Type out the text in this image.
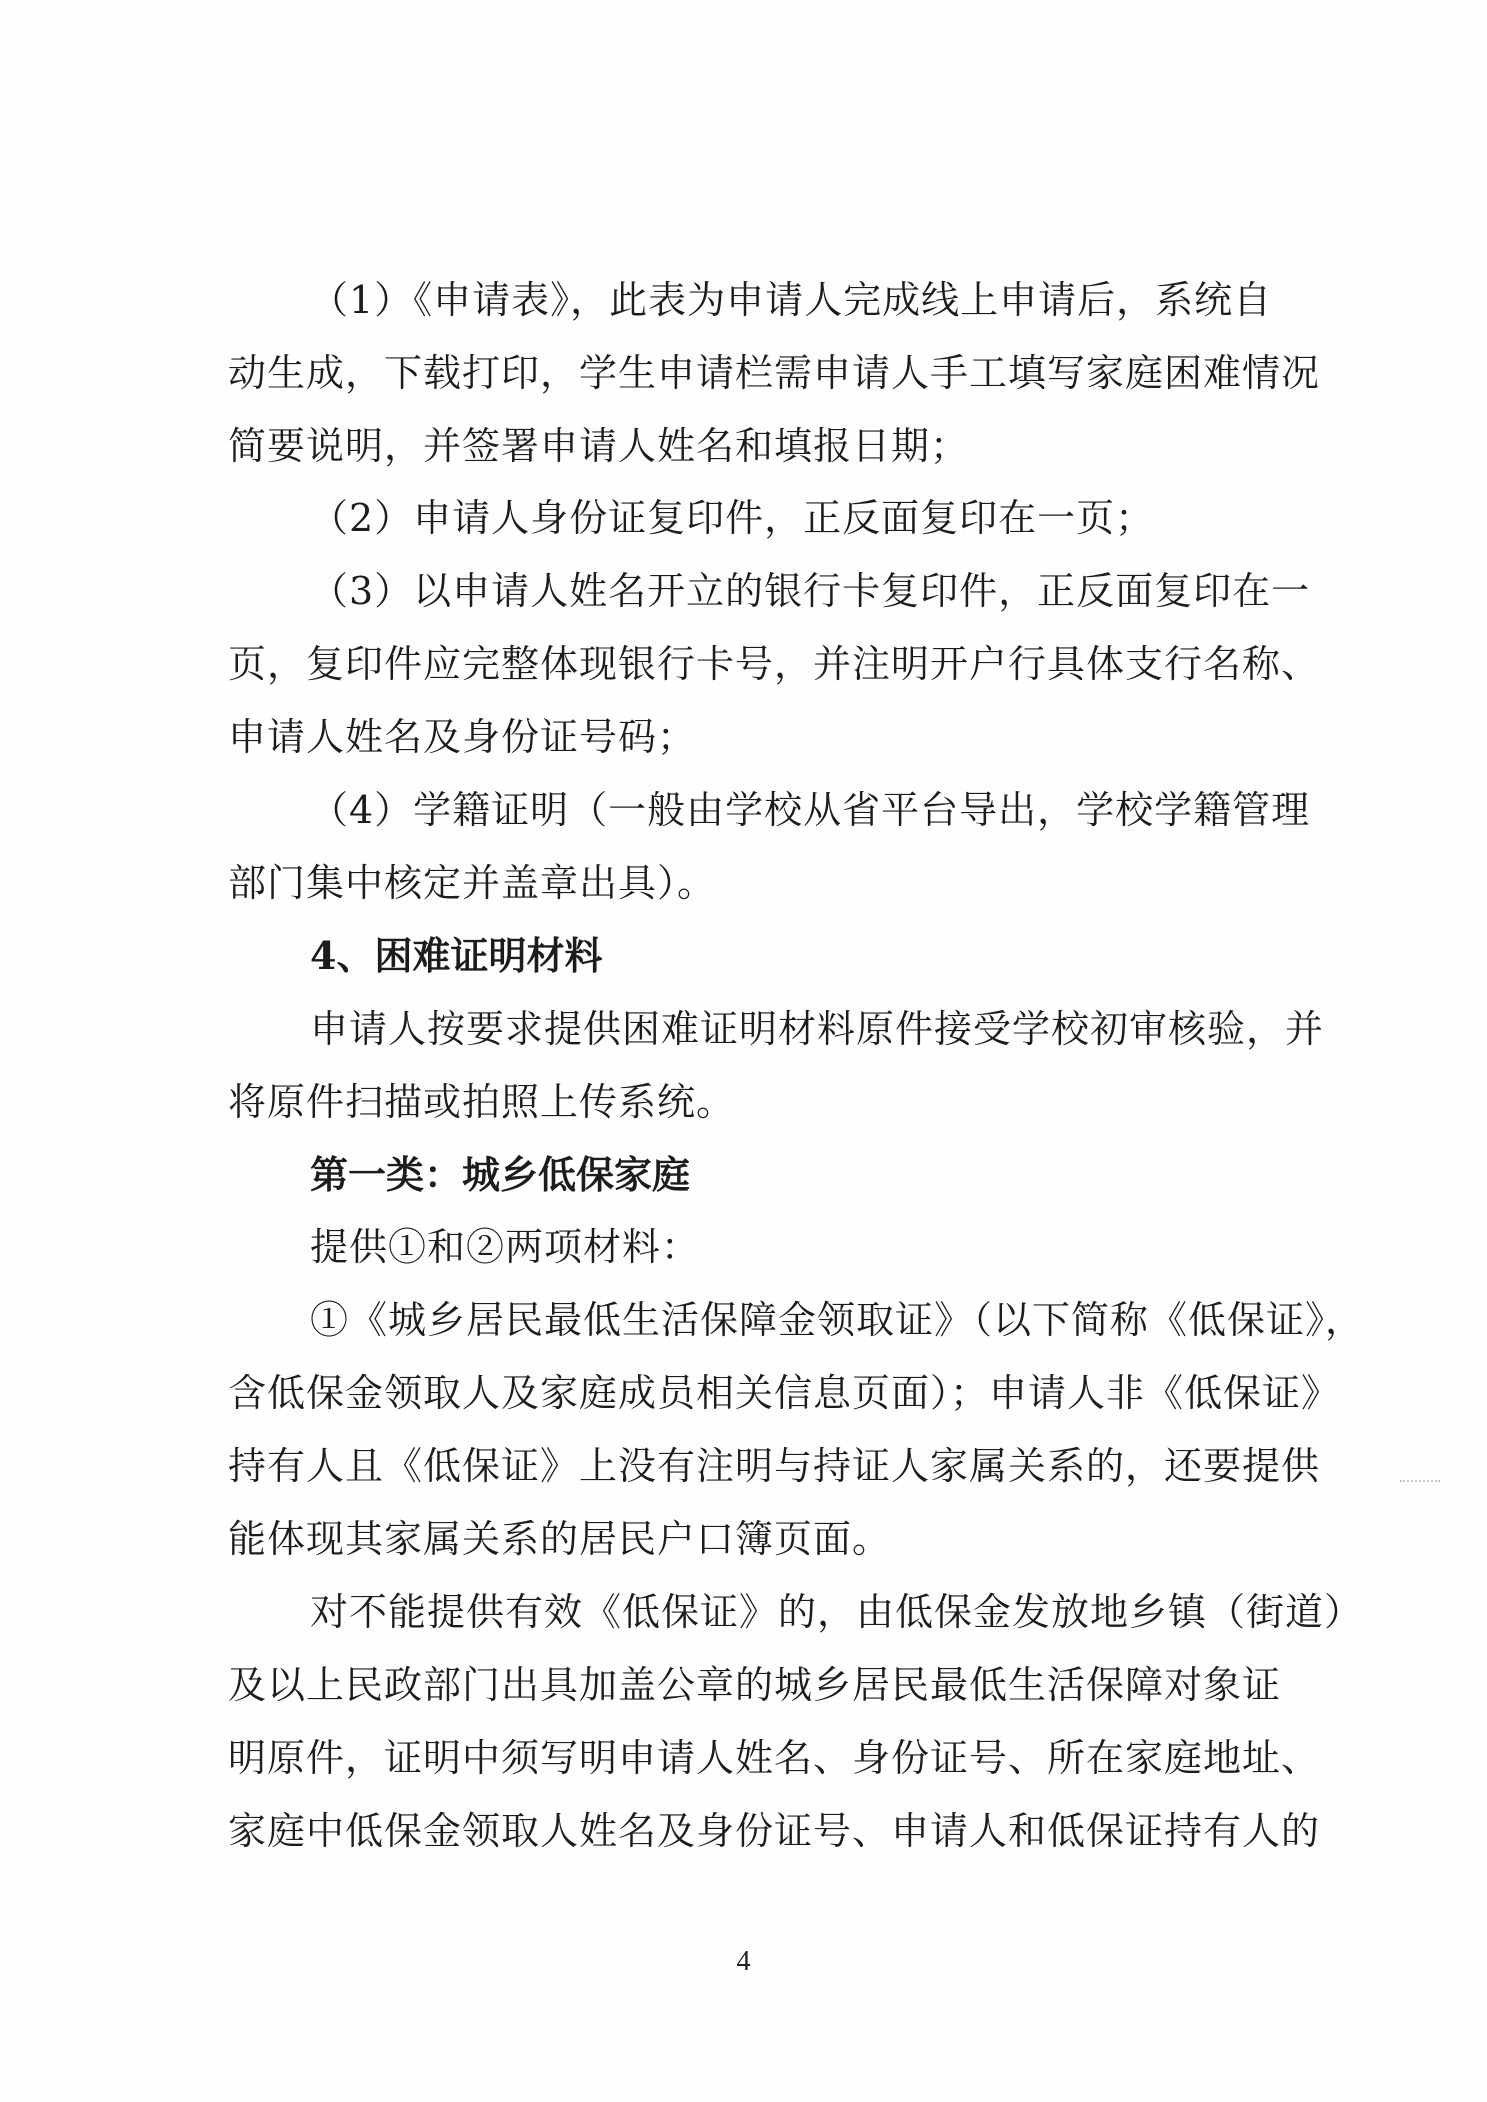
（1）《申请表》，此表为申请人完成线上申请后，系统自
动生成，下载打印，学生申请栏需申请人手工填写家庭困难情况
简要说明，并签署申请人姓名和填报日期；
（2）申请人身份证复印件，正反面复印在一页；
（3）以申请人姓名开立的银行卡复印件，正反面复印在一
页，复印件应完整体现银行卡号，并注明开户行具体支行名称、
申请人姓名及身份证号码；
（4）学籍证明（一般由学校从省平台导出，学校学籍管理
部门集中核定并盖章出具）。
4、困难证明材料
申请人按要求提供困难证明材料原件接受学校初审核验，并
将原件扫描或拍照上传系统。
第一类：城乡低保家庭
提供①和②两项材料：
①《城乡居民最低生活保障金领取证》（以下简称《低保证》，
含低保金领取人及家庭成员相关信息页面）；申请人非《低保证》
持有人且《低保证》上没有注明与持证人家属关系的，还要提供
能体现其家属关系的居民户口簿页面。
对不能提供有效《低保证》的，由低保金发放地乡镇（街道）
及以上民政部门出具加盖公章的城乡居民最低生活保障对象证
明原件，证明中须写明申请人姓名、身份证号、所在家庭地址、
家庭中低保金领取人姓名及身份证号、申请人和低保证持有人的
4
